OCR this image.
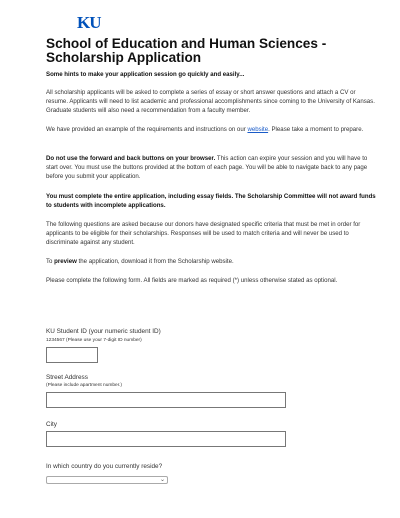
KU
School of Education and Human Sciences - Scholarship Application

Some hints to make your application session go quickly and easily...

All scholarship applicants will be asked to complete a series of essay or short answer questions and attach a CV or resume. Applicants will need to list academic and professional accomplishments since coming to the University of Kansas. Graduate students will also need a recommendation from a faculty member.

We have provided an example of the requirements and instructions on our website. Please take a moment to prepare.

Do not use the forward and back buttons on your browser. This action can expire your session and you will have to start over. You must use the buttons provided at the bottom of each page. You will be able to navigate back to any page before you submit your application.

You must complete the entire application, including essay fields. The Scholarship Committee will not award funds to students with incomplete applications.

The following questions are asked because our donors have designated specific criteria that must be met in order for applicants to be eligible for their scholarships. Responses will be used to match criteria and will never be used to discriminate against any student.

To preview the application, download it from the Scholarship website.

Please complete the following form. All fields are marked as required (*) unless otherwise stated as optional.

KU Student ID (your numeric student ID)

1234567 (Please use your 7-digit ID number)

Street Address

(Please include apartment number.)

City

In which country do you currently reside?

⌄
